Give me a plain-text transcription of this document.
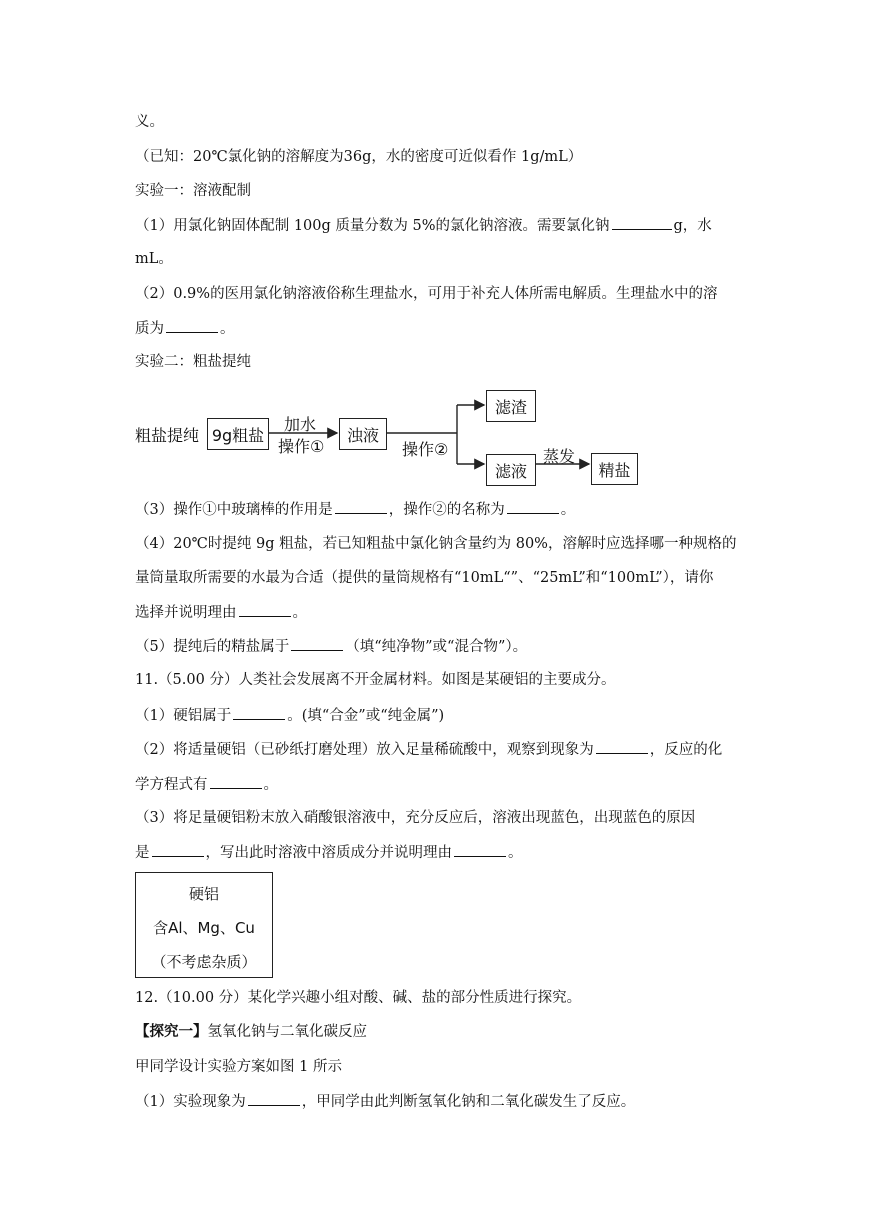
义。
（已知：20℃氯化钠的溶解度为36g，水的密度可近似看作 1g/mL）
实验一：溶液配制
（1）用氯化钠固体配制 100g 质量分数为 5%的氯化钠溶液。需要氯化钠	g，水
mL。
（2）0.9%的医用氯化钠溶液俗称生理盐水，可用于补充人体所需电解质。生理盐水中的溶
质为	。
实验二：粗盐提纯
粗盐提纯 9g粗盐
加水
操作①
浊液
操作②
滤渣
滤液
蒸发
精盐
（3）操作①中玻璃棒的作用是	，操作②的名称为	。
（4）20℃时提纯 9g 粗盐，若已知粗盐中氯化钠含量约为 80%，溶解时应选择哪一种规格的
量筒量取所需要的水最为合适（提供的量筒规格有“10mL“”、“25mL”和“100mL”），请你
选择并说明理由	。
（5）提纯后的精盐属于	（填“纯净物”或“混合物”）。
11.（5.00 分）人类社会发展离不开金属材料。如图是某硬铝的主要成分。
（1）硬铝属于	。(填“合金”或“纯金属”)
（2）将适量硬铝（已砂纸打磨处理）放入足量稀硫酸中，观察到现象为	，反应的化
学方程式有	。
（3）将足量硬铝粉末放入硝酸银溶液中，充分反应后，溶液出现蓝色，出现蓝色的原因
是	，写出此时溶液中溶质成分并说明理由	。
硬铝
含Al、Mg、Cu
（不考虑杂质）
12.（10.00 分）某化学兴趣小组对酸、碱、盐的部分性质进行探究。
【探究一】氢氧化钠与二氧化碳反应
甲同学设计实验方案如图 1 所示
（1）实验现象为	，甲同学由此判断氢氧化钠和二氧化碳发生了反应。
